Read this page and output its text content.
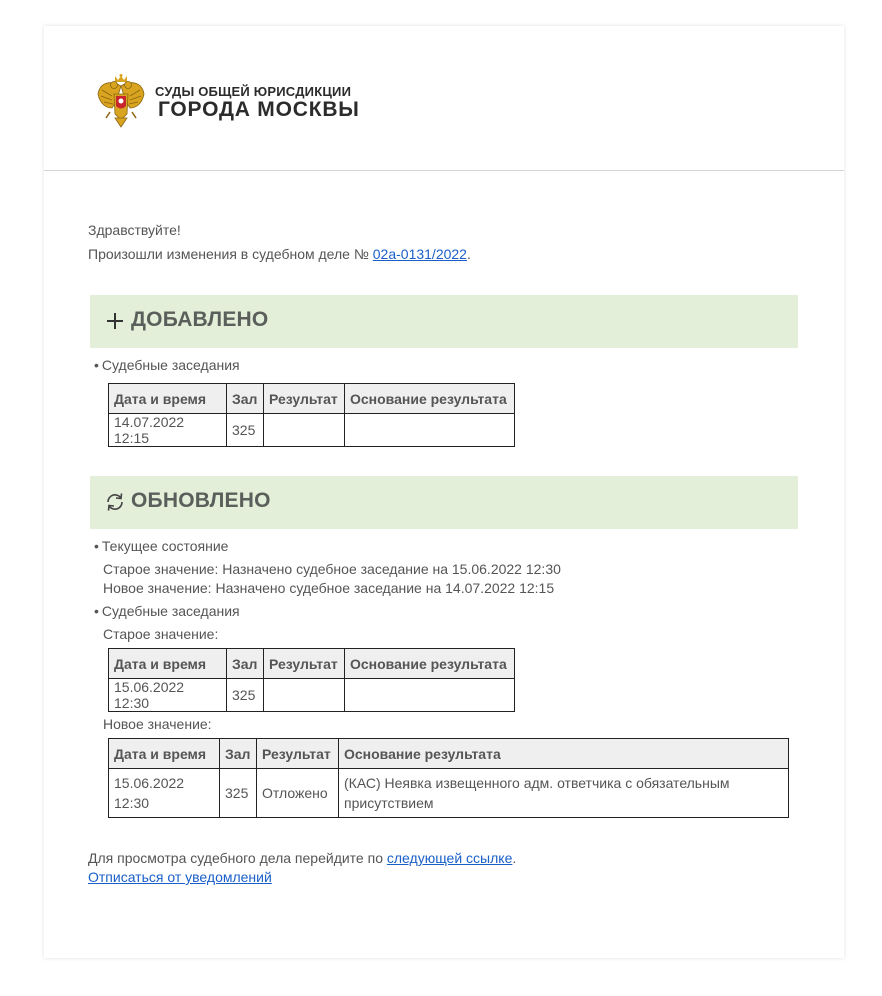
СУДЫ ОБЩЕЙ ЮРИСДИКЦИИ
ГОРОДА МОСКВЫ
Здравствуйте!
Произошли изменения в судебном деле № 02а-0131/2022.
ДОБАВЛЕНО
• Судебные заседания
Дата и время	Зал	Результат	Основание результата
14.07.2022 12:15	325		
ОБНОВЛЕНО
• Текущее состояние
Старое значение: Назначено судебное заседание на 15.06.2022 12:30
Новое значение: Назначено судебное заседание на 14.07.2022 12:15
• Судебные заседания
Старое значение:
Дата и время	Зал	Результат	Основание результата
15.06.2022 12:30	325		
Новое значение:
Дата и время	Зал	Результат	Основание результата
15.06.2022 12:30	325	Отложено	(КАС) Неявка извещенного адм. ответчика с обязательным присутствием
Для просмотра судебного дела перейдите по следующей ссылке.
Отписаться от уведомлений
